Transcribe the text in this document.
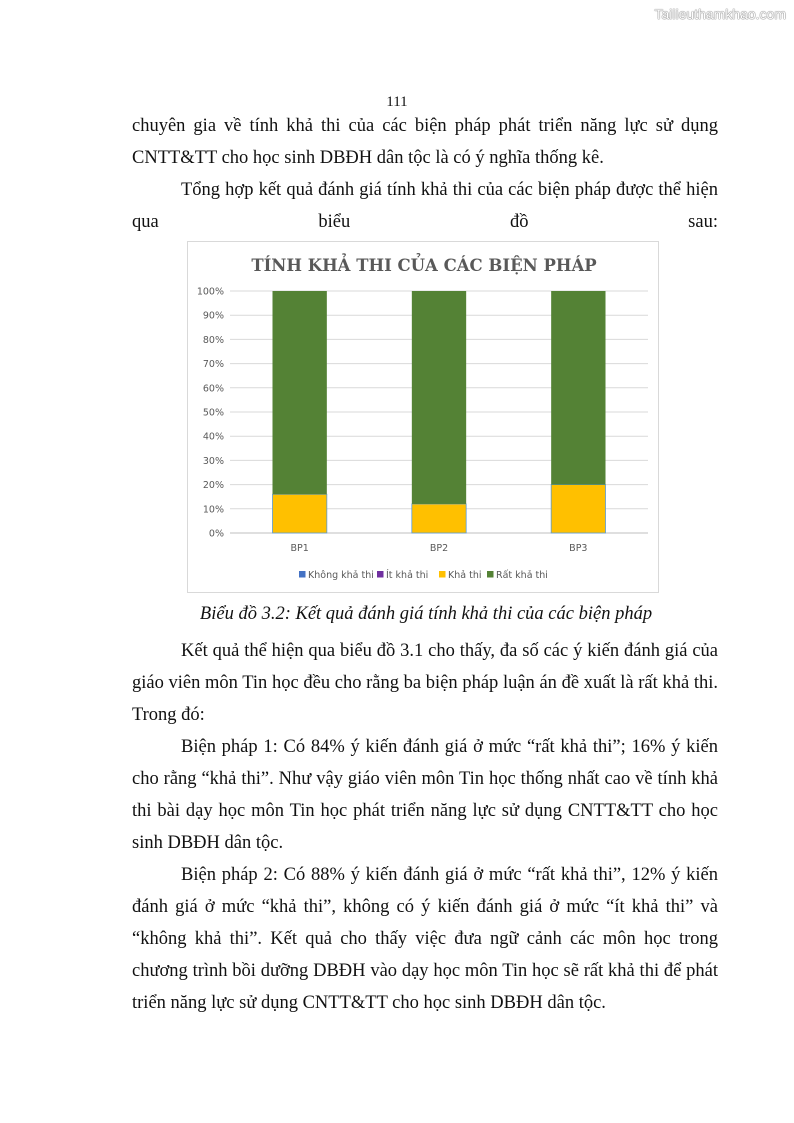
Tailieuthamkhao.com
111

chuyên gia về tính khả thi của các biện pháp phát triển năng lực sử dụng CNTT&TT cho học sinh DBĐH dân tộc là có ý nghĩa thống kê.

Tổng hợp kết quả đánh giá tính khả thi của các biện pháp được thể hiện qua biểu đồ sau:

TÍNH KHẢ THI CỦA CÁC BIỆN PHÁP
0%
10%
20%
30%
40%
50%
60%
70%
80%
90%
100%
BP1	BP2	BP3
Không khả thi Ít khả thi Khả thi Rất khả thi
Biểu đồ 3.2: Kết quả đánh giá tính khả thi của các biện pháp

Kết quả thể hiện qua biểu đồ 3.1 cho thấy, đa số các ý kiến đánh giá của giáo viên môn Tin học đều cho rằng ba biện pháp luận án đề xuất là rất khả thi. Trong đó:

Biện pháp 1: Có 84% ý kiến đánh giá ở mức “rất khả thi”; 16% ý kiến cho rằng “khả thi”. Như vậy giáo viên môn Tin học thống nhất cao về tính khả thi bài dạy học môn Tin học phát triển năng lực sử dụng CNTT&TT cho học sinh DBĐH dân tộc.

Biện pháp 2: Có 88% ý kiến đánh giá ở mức “rất khả thi”, 12% ý kiến đánh giá ở mức “khả thi”, không có ý kiến đánh giá ở mức “ít khả thi” và “không khả thi”. Kết quả cho thấy việc đưa ngữ cảnh các môn học trong chương trình bồi dưỡng DBĐH vào dạy học môn Tin học sẽ rất khả thi để phát triển năng lực sử dụng CNTT&TT cho học sinh DBĐH dân tộc.
